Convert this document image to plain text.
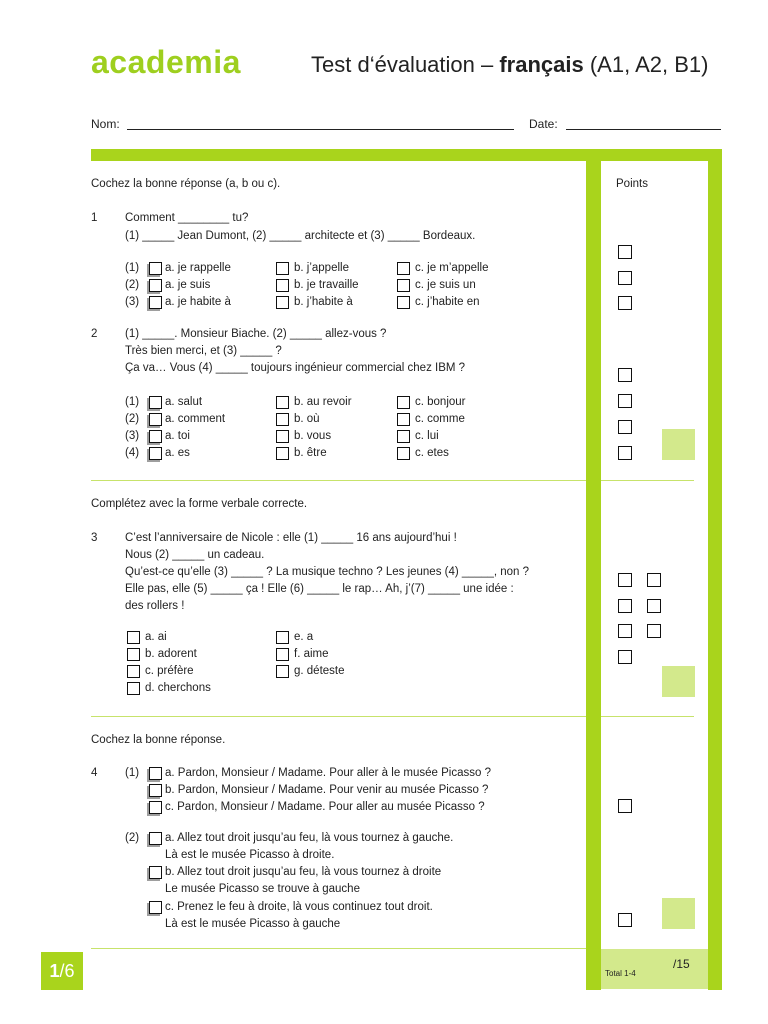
academia	Test d‘évaluation – français (A1, A2, B1)
Nom:	Date:
Points
Cochez la bonne réponse (a, b ou c).
1 Comment ________ tu?
(1) _____ Jean Dumont, (2) _____ architecte et (3) _____ Bordeaux.
(1) a. je rappelle	b. j’appelle	c. je m’appelle
(2) a. je suis	b. je travaille	c. je suis un
(3) a. je habite à	b. j’habite à	c. j’habite en
2 (1) _____. Monsieur Biache. (2) _____ allez-vous ?
Très bien merci, et (3) _____ ?
Ça va… Vous (4) _____ toujours ingénieur commercial chez IBM ?
(1) a. salut	b. au revoir	c. bonjour
(2) a. comment	b. où	c. comme
(3) a. toi	b. vous	c. lui
(4) a. es	b. être	c. etes
Complétez avec la forme verbale correcte.
3 C’est l’anniversaire de Nicole : elle (1) _____ 16 ans aujourd’hui !
Nous (2) _____ un cadeau.
Qu’est-ce qu’elle (3) _____ ? La musique techno ? Les jeunes (4) _____, non ?
Elle pas, elle (5) _____ ça ! Elle (6) _____ le rap… Ah, j’(7) _____ une idée :
des rollers !
a. ai
b. adorent
c. préfère
d. cherchons
e. a
f. aime
g. déteste
Cochez la bonne réponse.
4 (1) a. Pardon, Monsieur / Madame. Pour aller à le musée Picasso ?
b. Pardon, Monsieur / Madame. Pour venir au musée Picasso ?
c. Pardon, Monsieur / Madame. Pour aller au musée Picasso ?
(2) a. Allez tout droit jusqu’au feu, là vous tournez à gauche.
Là est le musée Picasso à droite.
b. Allez tout droit jusqu’au feu, là vous tournez à droite
Le musée Picasso se trouve à gauche
c. Prenez le feu à droite, là vous continuez tout droit.
Là est le musée Picasso à gauche
1/6	Total 1-4
/15
